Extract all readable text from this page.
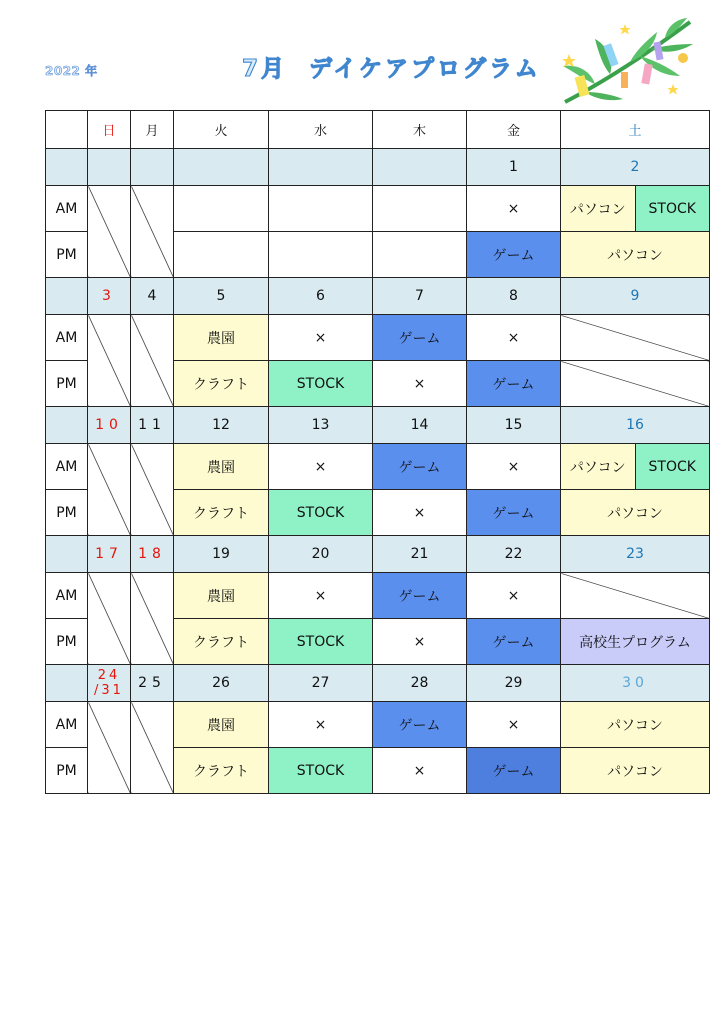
2022 年	7月 デイケアプログラム
	日	月	火	水	木	金	土
						1	2
AM						×	パソコン STOCK

PM						ゲーム	パソコン
	3	4	5	6	7	8	9
AM			農園	×	ゲーム	×	
PM			クラフト	STOCK	×	ゲーム	
	10	11	12	13	14	15	16
AM			農園	×	ゲーム	×	パソコン STOCK

PM			クラフト	STOCK	×	ゲーム	パソコン
	17	18	19	20	21	22	23
AM			農園	×	ゲーム	×	
PM			クラフト	STOCK	×	ゲーム	高校生プログラム

	24
/31	25	26	27	28	29	30
AM			農園	×	ゲーム	×	パソコン
PM			クラフト	STOCK	×	ゲーム	パソコン
